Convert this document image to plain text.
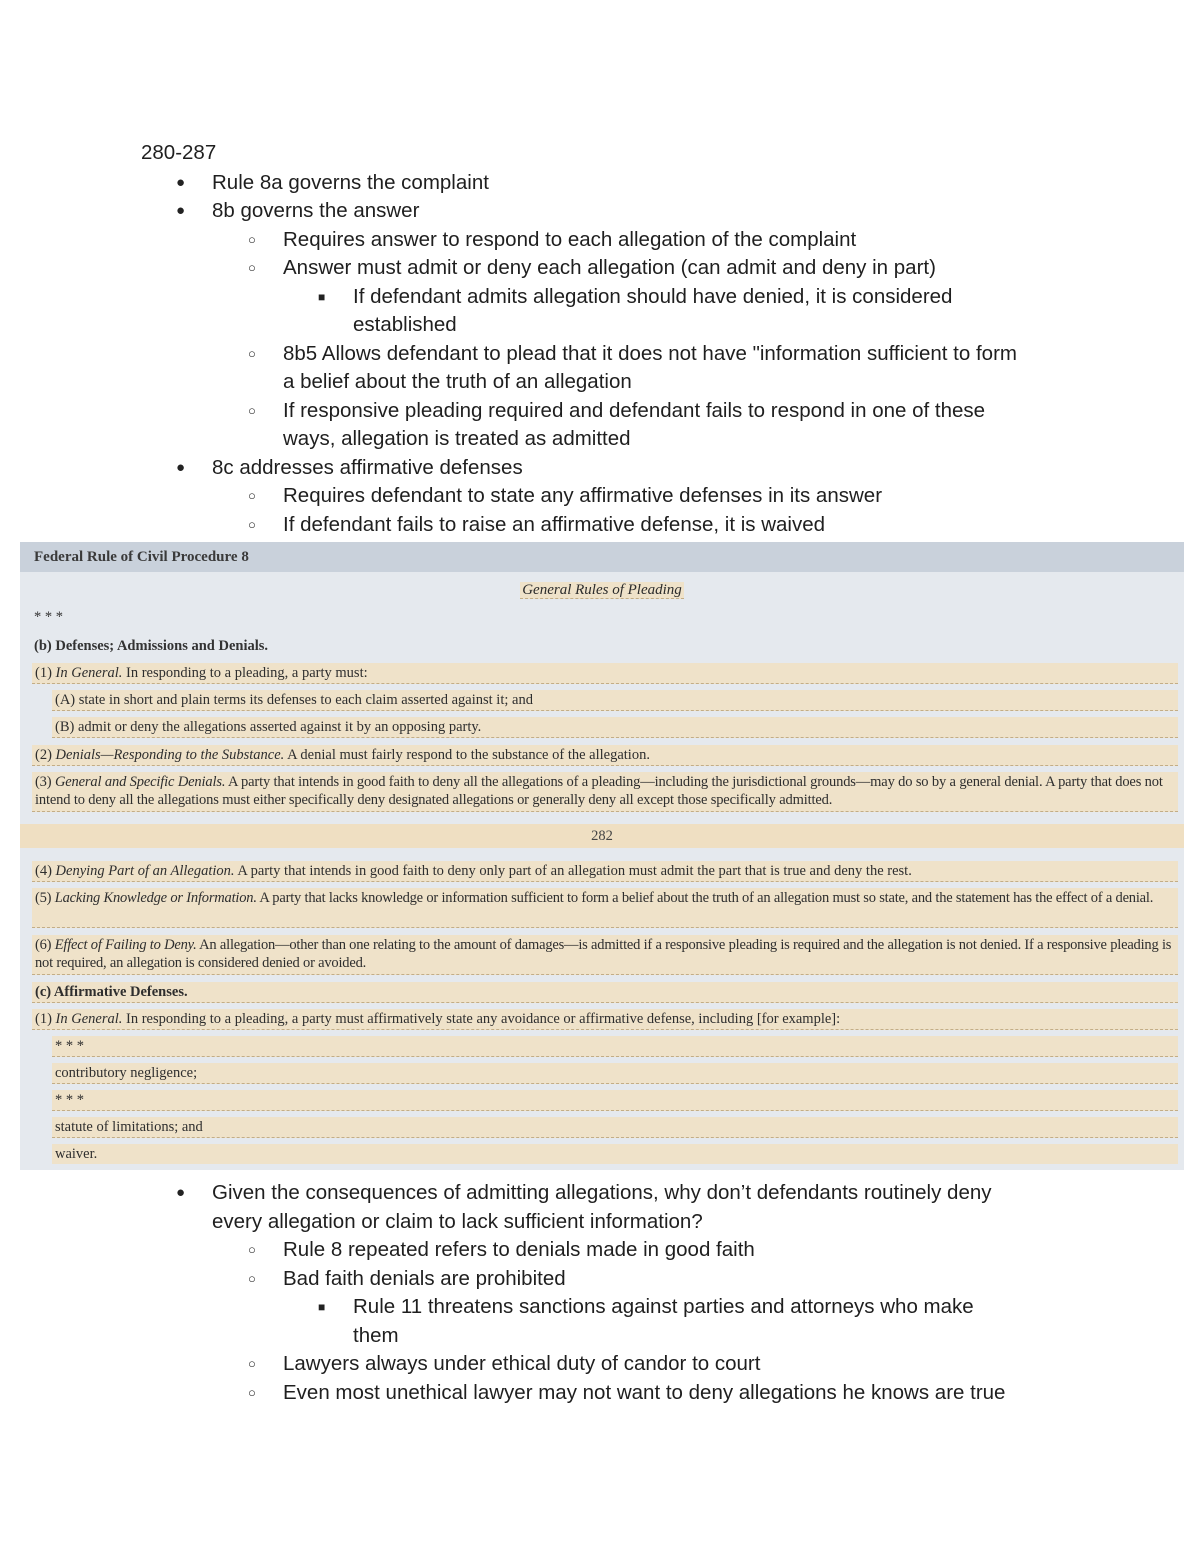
280-287
● Rule 8a governs the complaint
● 8b governs the answer
○ Requires answer to respond to each allegation of the complaint
○ Answer must admit or deny each allegation (can admit and deny in part)
■ If defendant admits allegation should have denied, it is considered
established
○ 8b5 Allows defendant to plead that it does not have "information sufficient to form
a belief about the truth of an allegation
○ If responsive pleading required and defendant fails to respond in one of these
ways, allegation is treated as admitted
● 8c addresses affirmative defenses
○ Requires defendant to state any affirmative defenses in its answer
○ If defendant fails to raise an affirmative defense, it is waived
Federal Rule of Civil Procedure 8
General Rules of Pleading
* * *
(b) Defenses; Admissions and Denials.
(1) In General. In responding to a pleading, a party must:
(A) state in short and plain terms its defenses to each claim asserted against it; and
(B) admit or deny the allegations asserted against it by an opposing party.
(2) Denials—Responding to the Substance. A denial must fairly respond to the substance of the allegation.
(3) General and Specific Denials. A party that intends in good faith to deny all the allegations of a pleading—including the jurisdictional grounds—may do so by a general denial. A party that does not intend to deny all the allegations must either specifically deny designated allegations or generally deny all except those specifically admitted.
282
(4) Denying Part of an Allegation. A party that intends in good faith to deny only part of an allegation must admit the part that is true and deny the rest.
(5) Lacking Knowledge or Information. A party that lacks knowledge or information sufficient to form a belief about the truth of an allegation must so state, and the statement has the effect of a denial.
(6) Effect of Failing to Deny. An allegation—other than one relating to the amount of damages—is admitted if a responsive pleading is required and the allegation is not denied. If a responsive pleading is not required, an allegation is considered denied or avoided.
(c) Affirmative Defenses.
(1) In General. In responding to a pleading, a party must affirmatively state any avoidance or affirmative defense, including [for example]:
* * *
contributory negligence;
* * *
statute of limitations; and
waiver.
● Given the consequences of admitting allegations, why don’t defendants routinely deny
every allegation or claim to lack sufficient information?
○ Rule 8 repeated refers to denials made in good faith
○ Bad faith denials are prohibited
■ Rule 11 threatens sanctions against parties and attorneys who make
them
○ Lawyers always under ethical duty of candor to court
○ Even most unethical lawyer may not want to deny allegations he knows are true
